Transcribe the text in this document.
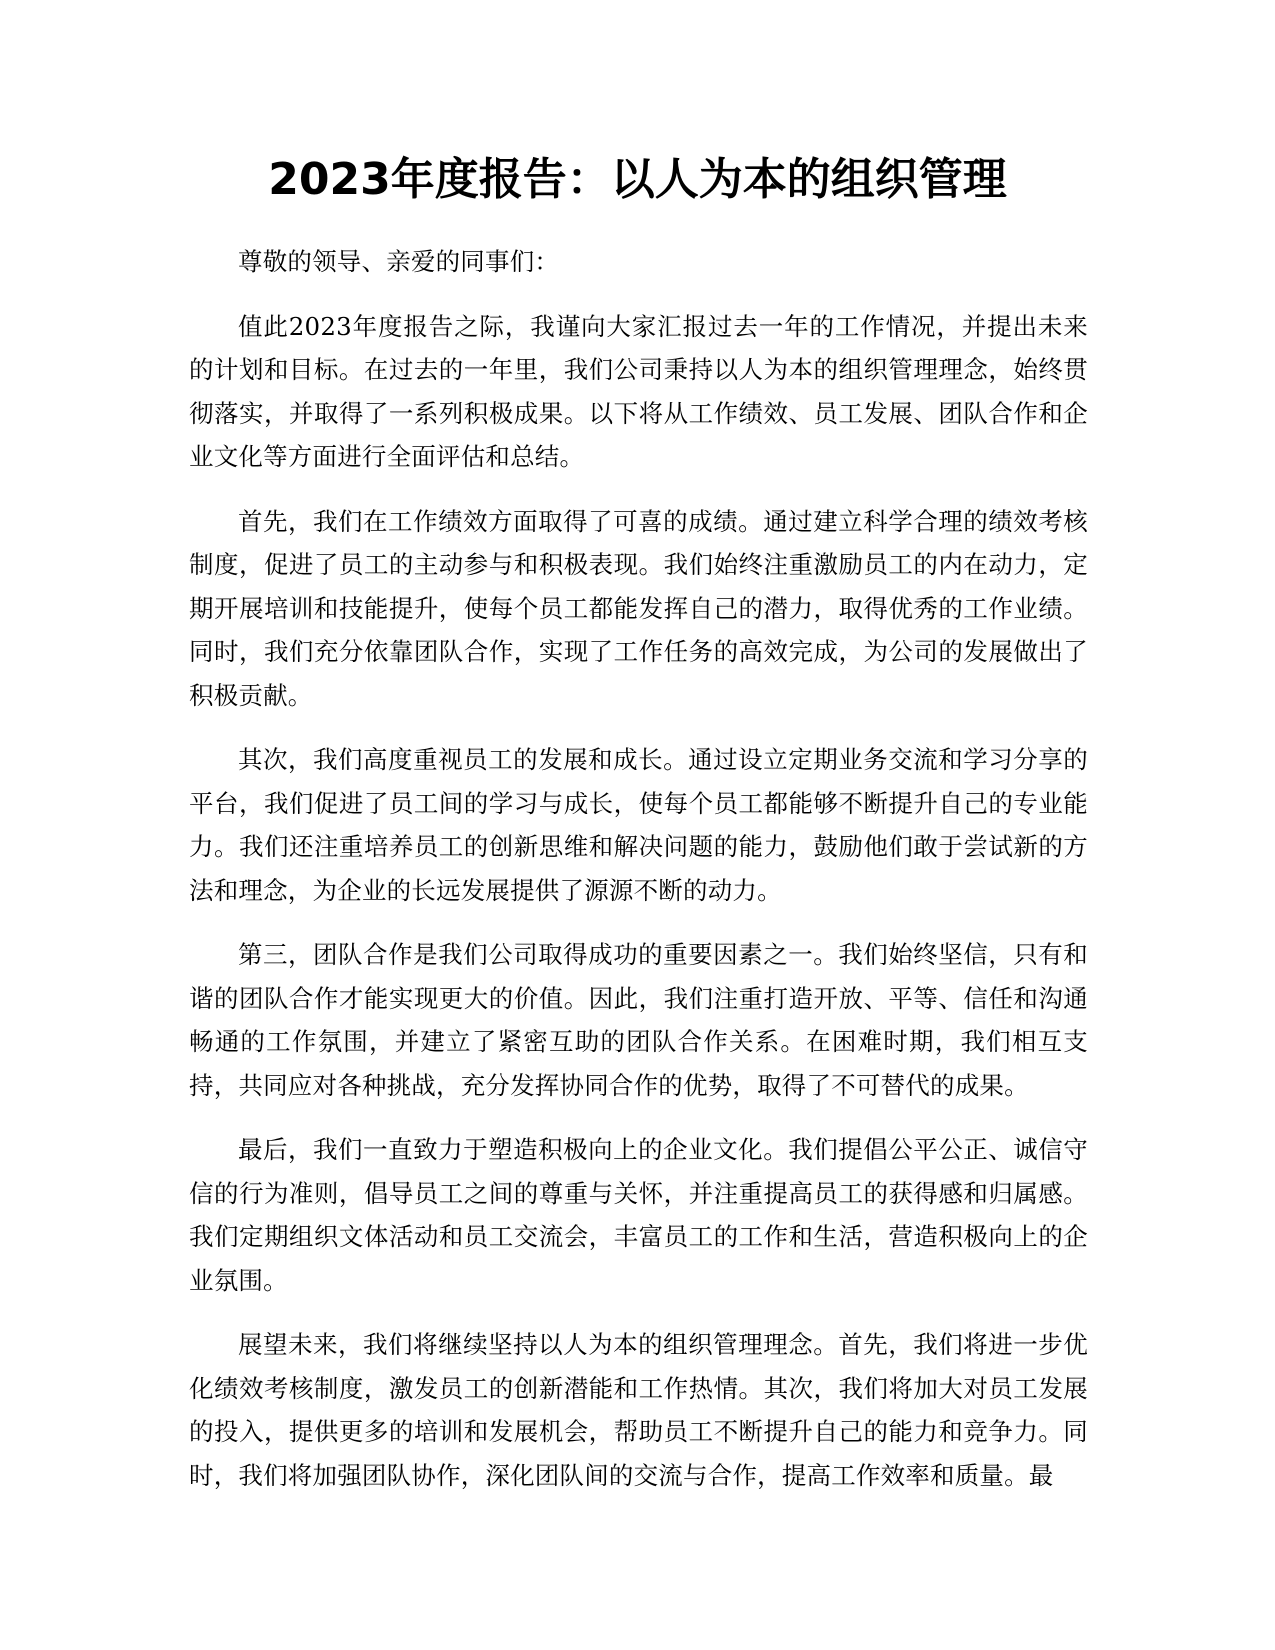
2023年度报告：以人为本的组织管理

尊敬的领导、亲爱的同事们：

值此2023年度报告之际，我谨向大家汇报过去一年的工作情况，并提出未来的计划和目标。在过去的一年里，我们公司秉持以人为本的组织管理理念，始终贯彻落实，并取得了一系列积极成果。以下将从工作绩效、员工发展、团队合作和企业文化等方面进行全面评估和总结。

首先，我们在工作绩效方面取得了可喜的成绩。通过建立科学合理的绩效考核制度，促进了员工的主动参与和积极表现。我们始终注重激励员工的内在动力，定期开展培训和技能提升，使每个员工都能发挥自己的潜力，取得优秀的工作业绩。同时，我们充分依靠团队合作，实现了工作任务的高效完成，为公司的发展做出了积极贡献。

其次，我们高度重视员工的发展和成长。通过设立定期业务交流和学习分享的平台，我们促进了员工间的学习与成长，使每个员工都能够不断提升自己的专业能力。我们还注重培养员工的创新思维和解决问题的能力，鼓励他们敢于尝试新的方法和理念，为企业的长远发展提供了源源不断的动力。

第三，团队合作是我们公司取得成功的重要因素之一。我们始终坚信，只有和谐的团队合作才能实现更大的价值。因此，我们注重打造开放、平等、信任和沟通畅通的工作氛围，并建立了紧密互助的团队合作关系。在困难时期，我们相互支持，共同应对各种挑战，充分发挥协同合作的优势，取得了不可替代的成果。

最后，我们一直致力于塑造积极向上的企业文化。我们提倡公平公正、诚信守信的行为准则，倡导员工之间的尊重与关怀，并注重提高员工的获得感和归属感。我们定期组织文体活动和员工交流会，丰富员工的工作和生活，营造积极向上的企业氛围。

展望未来，我们将继续坚持以人为本的组织管理理念。首先，我们将进一步优化绩效考核制度，激发员工的创新潜能和工作热情。其次，我们将加大对员工发展的投入，提供更多的培训和发展机会，帮助员工不断提升自己的能力和竞争力。同时，我们将加强团队协作，深化团队间的交流与合作，提高工作效率和质量。最
